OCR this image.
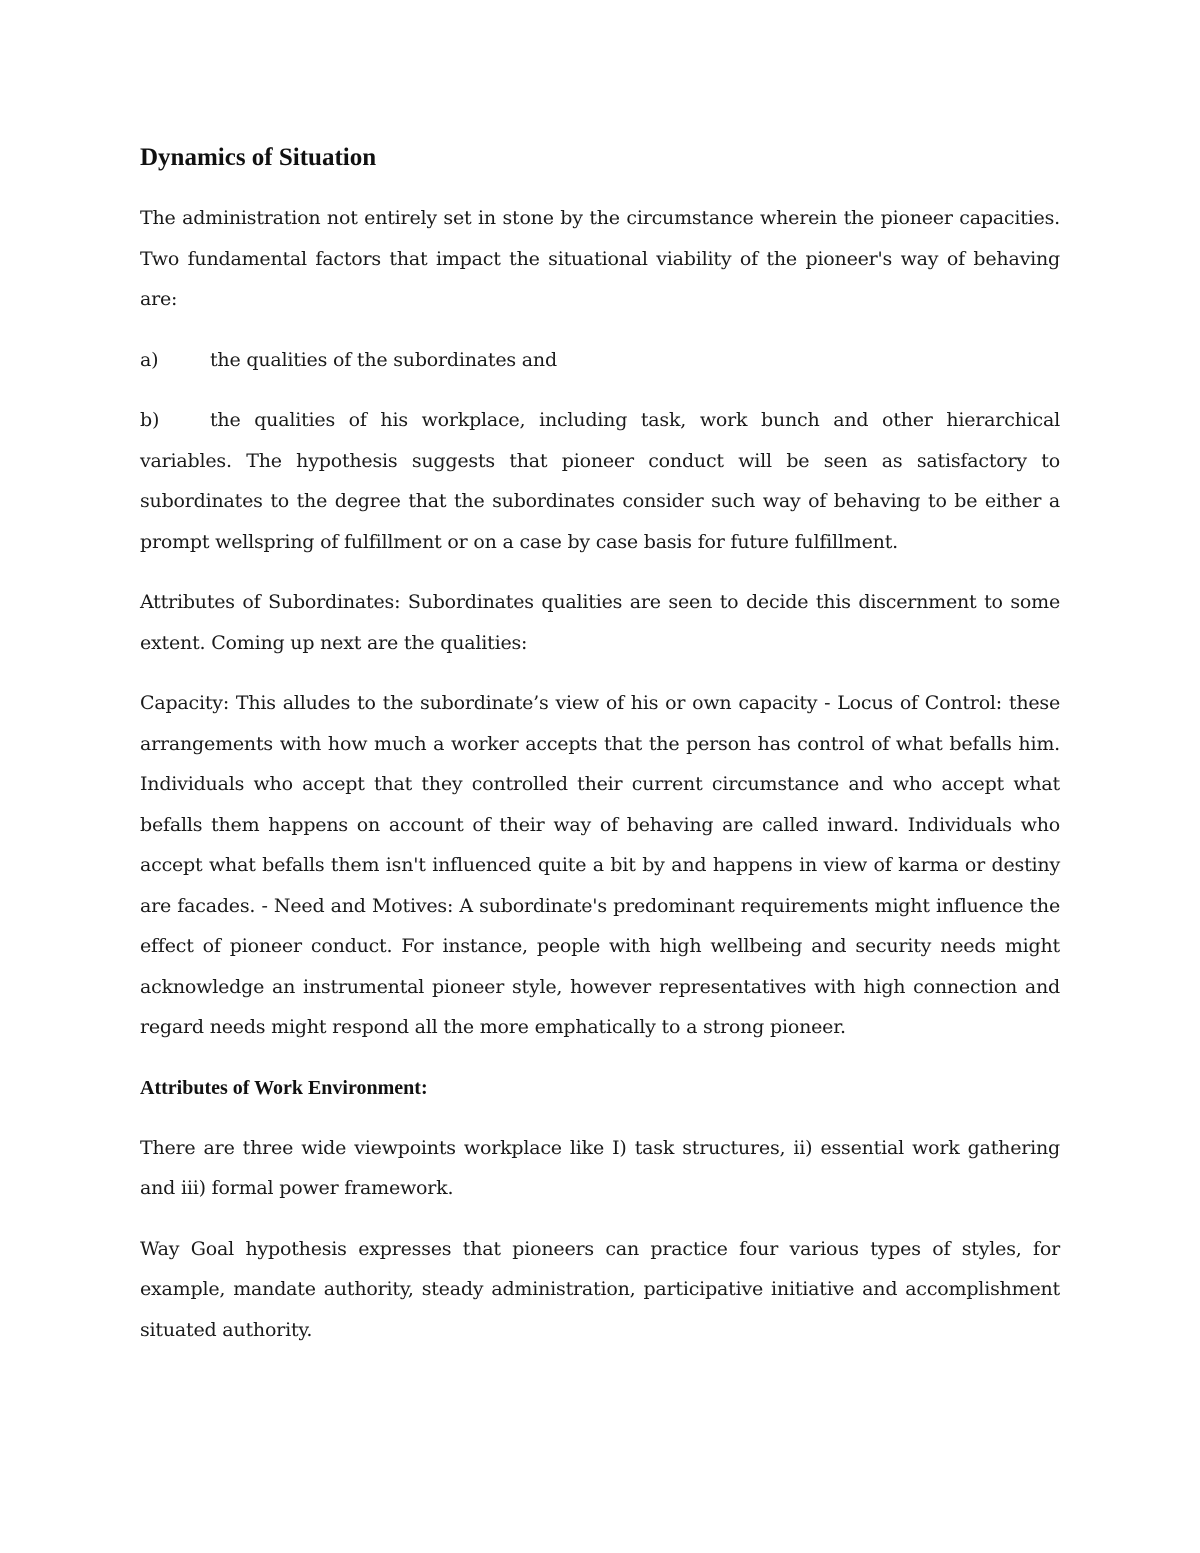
Dynamics of Situation

The administration not entirely set in stone by the circumstance wherein the pioneer capacities. Two fundamental factors that impact the situational viability of the pioneer's way of behaving are:

a)	the qualities of the subordinates and
b)	the qualities of his workplace, including task, work bunch and other hierarchical variables. The hypothesis suggests that pioneer conduct will be seen as satisfactory to subordinates to the degree that the subordinates consider such way of behaving to be either a prompt wellspring of fulfillment or on a case by case basis for future fulfillment.

Attributes of Subordinates: Subordinates qualities are seen to decide this discernment to some extent. Coming up next are the qualities:

Capacity: This alludes to the subordinate’s view of his or own capacity - Locus of Control: these arrangements with how much a worker accepts that the person has control of what befalls him. Individuals who accept that they controlled their current circumstance and who accept what befalls them happens on account of their way of behaving are called inward. Individuals who accept what befalls them isn't influenced quite a bit by and happens in view of karma or destiny are facades. - Need and Motives: A subordinate's predominant requirements might influence the effect of pioneer conduct. For instance, people with high wellbeing and security needs might acknowledge an instrumental pioneer style, however representatives with high connection and regard needs might respond all the more emphatically to a strong pioneer.

Attributes of Work Environment:

There are three wide viewpoints workplace like I) task structures, ii) essential work gathering and iii) formal power framework.

Way Goal hypothesis expresses that pioneers can practice four various types of styles, for example, mandate authority, steady administration, participative initiative and accomplishment situated authority.
